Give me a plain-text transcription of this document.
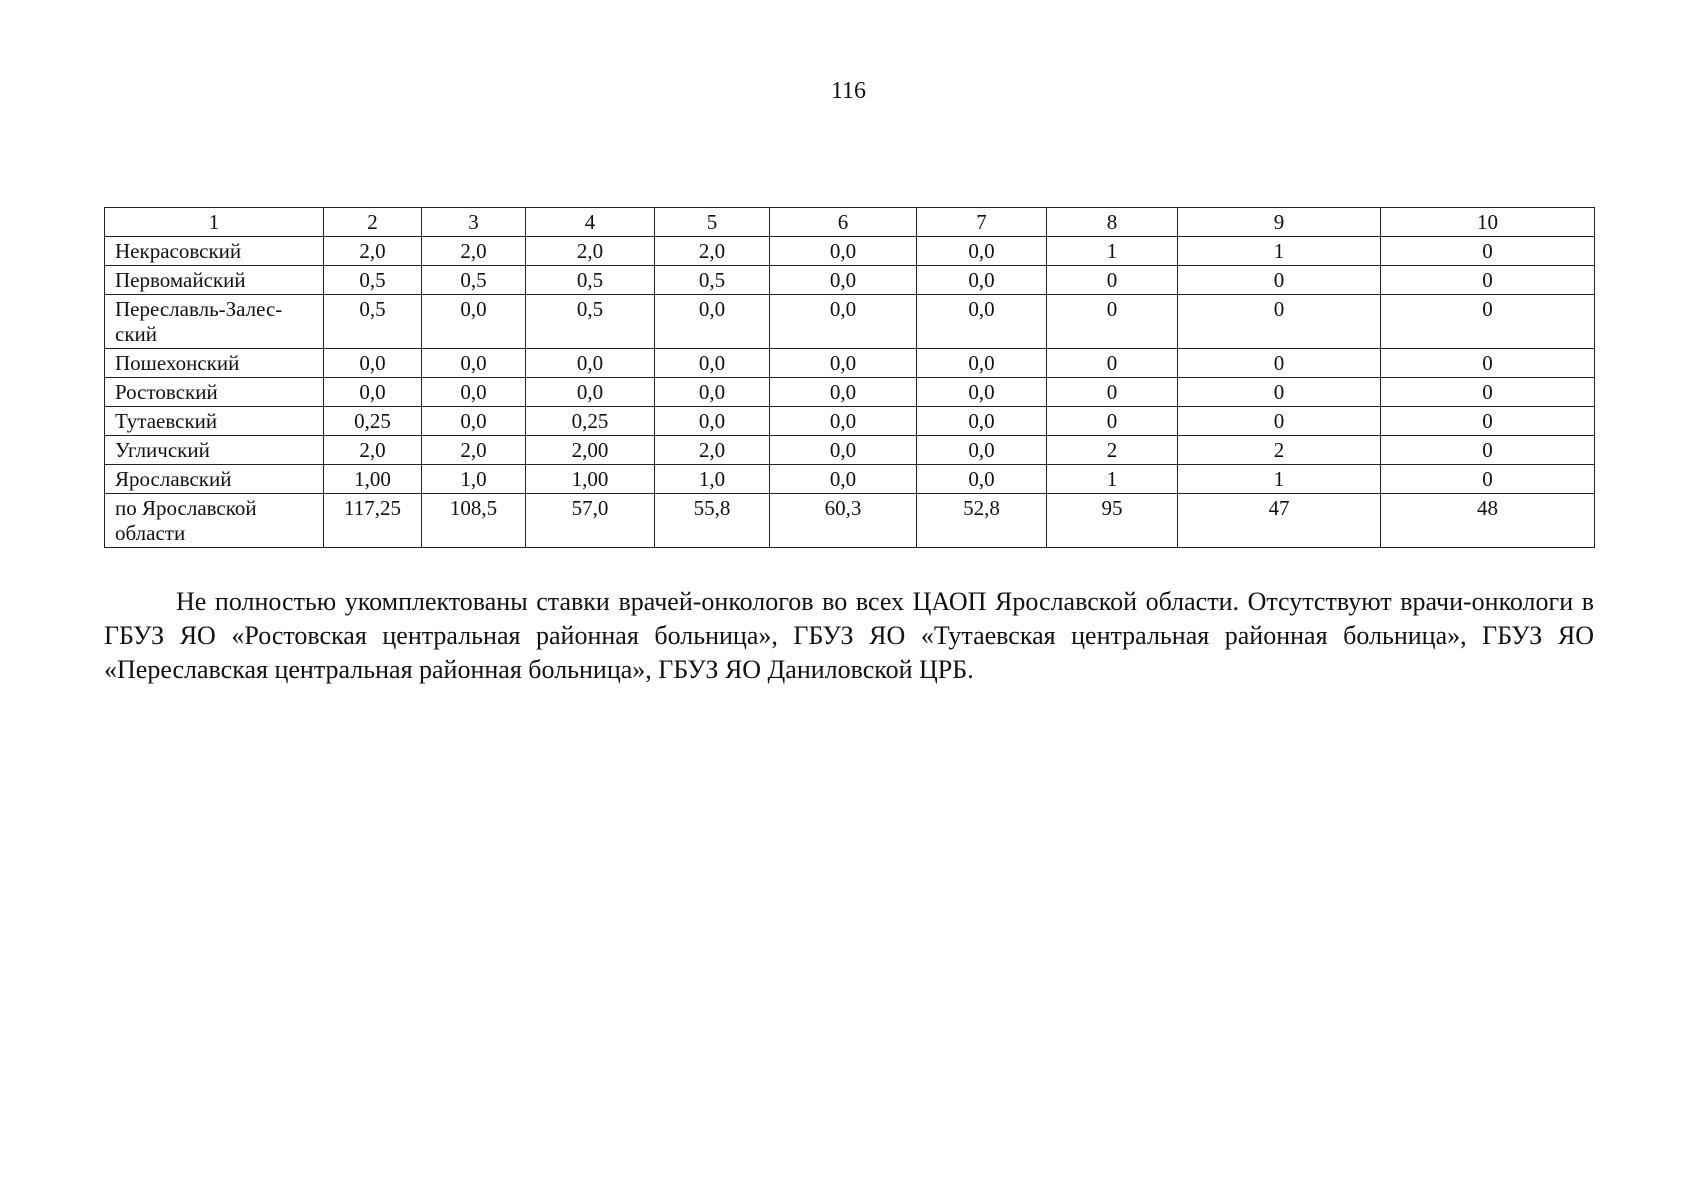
116
1	2	3	4	5	6	7	8	9	10
Некрасовский	2,0	2,0	2,0	2,0	0,0	0,0	1	1	0
Первомайский	0,5	0,5	0,5	0,5	0,0	0,0	0	0	0
Переславль-Залес-ский	0,5	0,0	0,5	0,0	0,0	0,0	0	0	0
Пошехонский	0,0	0,0	0,0	0,0	0,0	0,0	0	0	0
Ростовский	0,0	0,0	0,0	0,0	0,0	0,0	0	0	0
Тутаевский	0,25	0,0	0,25	0,0	0,0	0,0	0	0	0
Угличский	2,0	2,0	2,00	2,0	0,0	0,0	2	2	0
Ярославский	1,00	1,0	1,00	1,0	0,0	0,0	1	1	0
по Ярославской области	117,25	108,5	57,0	55,8	60,3	52,8	95	47	48

Не полностью укомплектованы ставки врачей-онкологов во всех ЦАОП Ярославской области. Отсутствуют врачи-онкологи в ГБУЗ ЯО «Ростовская центральная районная больница», ГБУЗ ЯО «Тутаевская центральная районная больница», ГБУЗ ЯО «Переславская центральная районная больница», ГБУЗ ЯО Даниловской ЦРБ.
